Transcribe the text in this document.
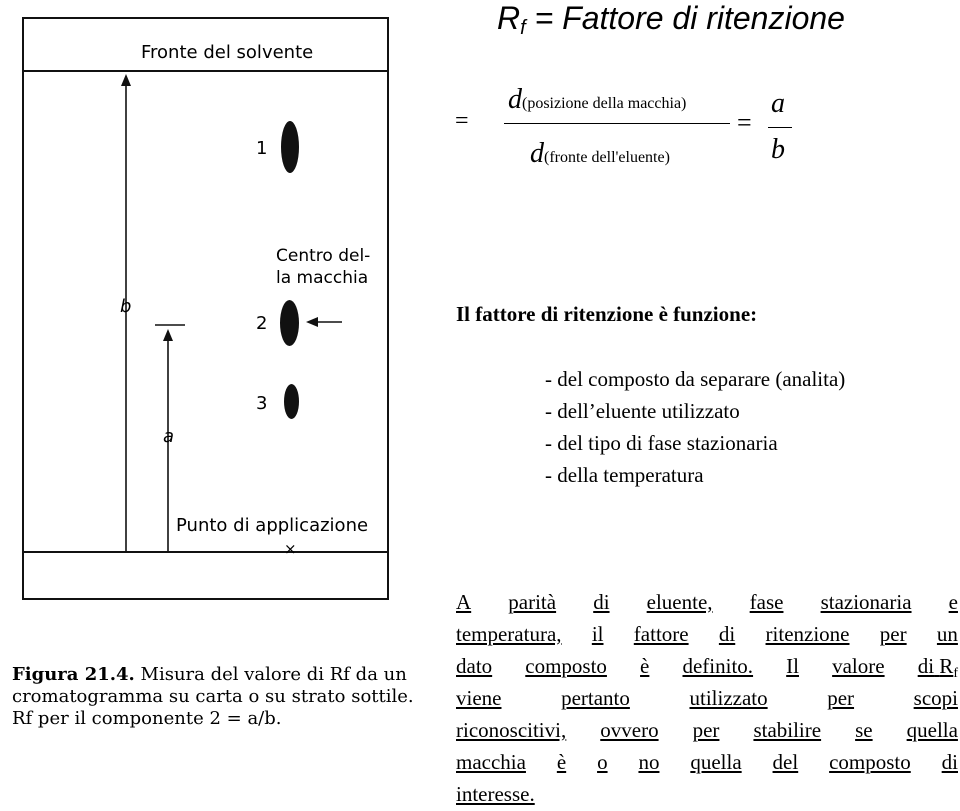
$R_f$ = Fattore di ritenzione
=
d(posizione della macchia)
d(fronte dell'eluente)
=
a
b
Il fattore di ritenzione è funzione:
- del composto da separare (analita)
- dell’eluente utilizzato
- del tipo di fase stazionaria
- della temperatura
A parità di eluente, fase stazionaria e
temperatura, il fattore di ritenzione per un
dato composto è definito. Il valore di $R_f$
viene	pertanto	utilizzato	per	scopi
riconoscitivi, ovvero per stabilire se quella
macchia è o no quella del composto di
interesse.
Fronte del solvente
b
a
1
2
3
Centro del-
la macchia
Punto di applicazione
×
Figura 21.4. Misura del valore di Rf da un
cromatogramma su carta o su strato sottile.
Rf per il componente 2 = a/b.
